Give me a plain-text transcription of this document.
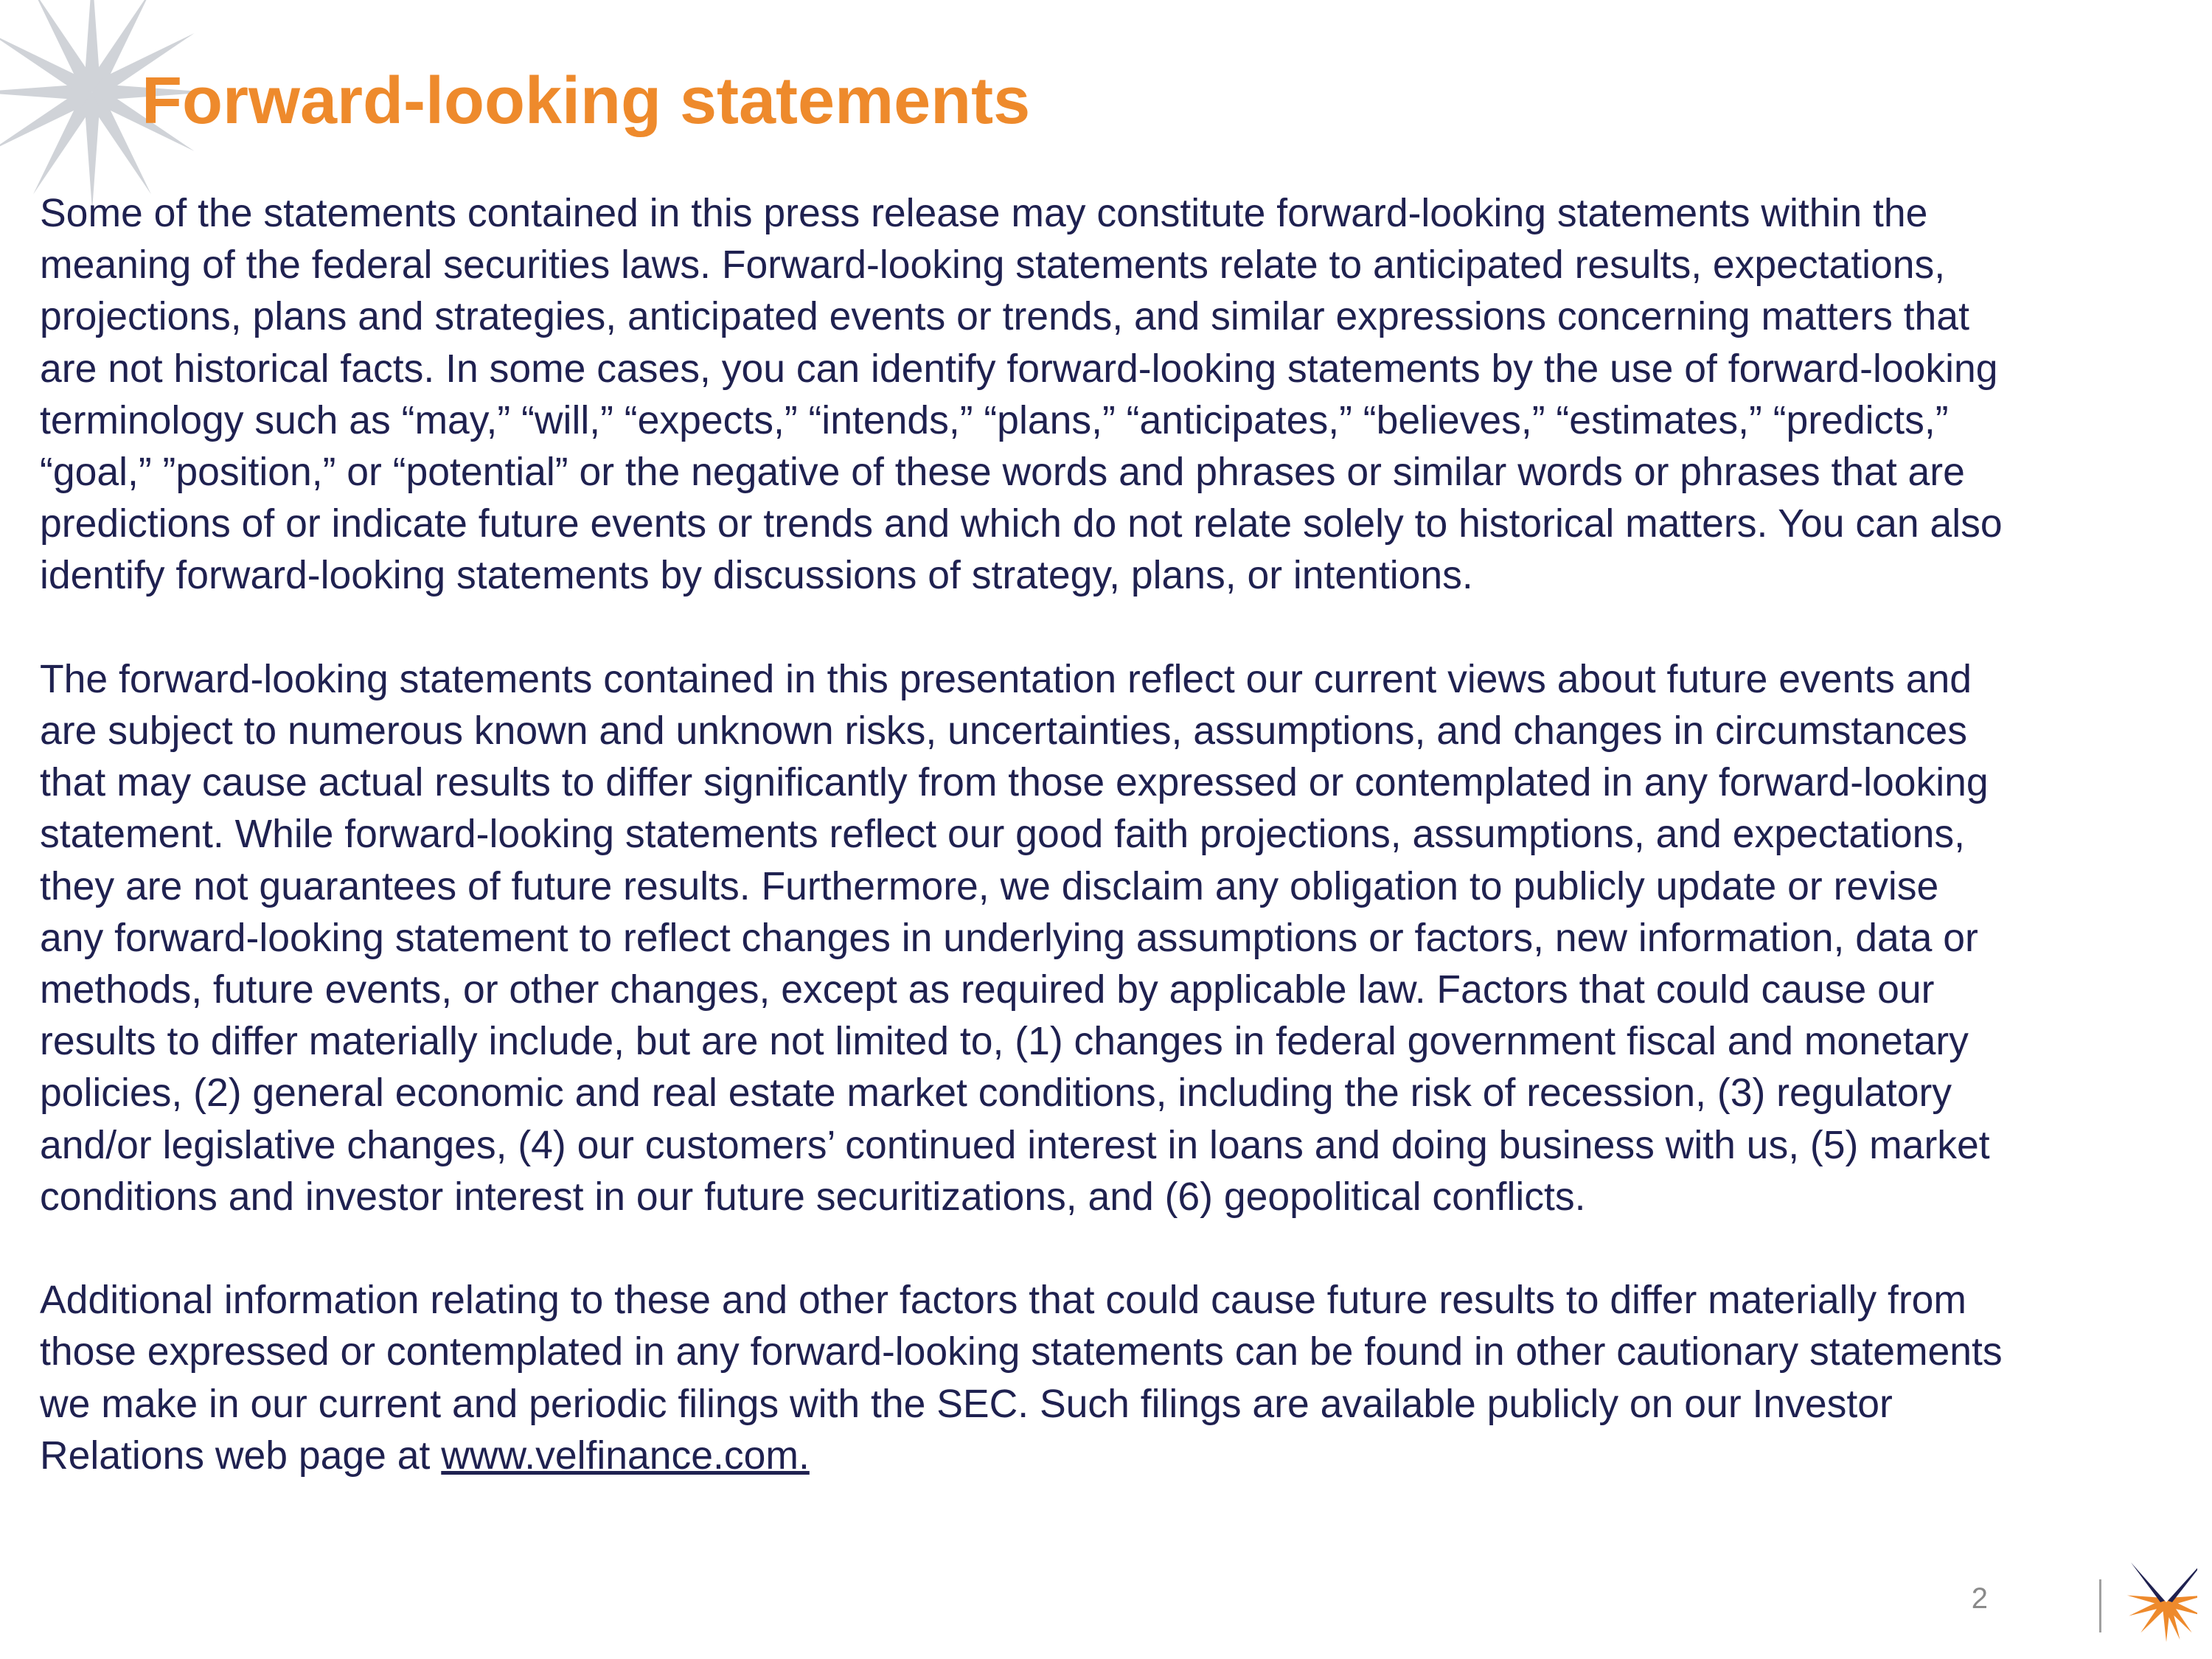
Forward-looking statements

Some of the statements contained in this press release may constitute forward-looking statements within the
meaning of the federal securities laws. Forward-looking statements relate to anticipated results, expectations,
projections, plans and strategies, anticipated events or trends, and similar expressions concerning matters that
are not historical facts. In some cases, you can identify forward-looking statements by the use of forward-looking
terminology such as “may,” “will,” “expects,” “intends,” “plans,” “anticipates,” “believes,” “estimates,” “predicts,”
“goal,” ”position,” or “potential” or the negative of these words and phrases or similar words or phrases that are
predictions of or indicate future events or trends and which do not relate solely to historical matters. You can also
identify forward-looking statements by discussions of strategy, plans, or intentions.

The forward-looking statements contained in this presentation reflect our current views about future events and
are subject to numerous known and unknown risks, uncertainties, assumptions, and changes in circumstances
that may cause actual results to differ significantly from those expressed or contemplated in any forward-looking
statement. While forward-looking statements reflect our good faith projections, assumptions, and expectations,
they are not guarantees of future results. Furthermore, we disclaim any obligation to publicly update or revise
any forward-looking statement to reflect changes in underlying assumptions or factors, new information, data or
methods, future events, or other changes, except as required by applicable law. Factors that could cause our
results to differ materially include, but are not limited to, (1) changes in federal government fiscal and monetary
policies, (2) general economic and real estate market conditions, including the risk of recession, (3) regulatory
and/or legislative changes, (4) our customers’ continued interest in loans and doing business with us, (5) market
conditions and investor interest in our future securitizations, and (6) geopolitical conflicts.

Additional information relating to these and other factors that could cause future results to differ materially from
those expressed or contemplated in any forward-looking statements can be found in other cautionary statements
we make in our current and periodic filings with the SEC. Such filings are available publicly on our Investor
Relations web page at www.velfinance.com.

2
